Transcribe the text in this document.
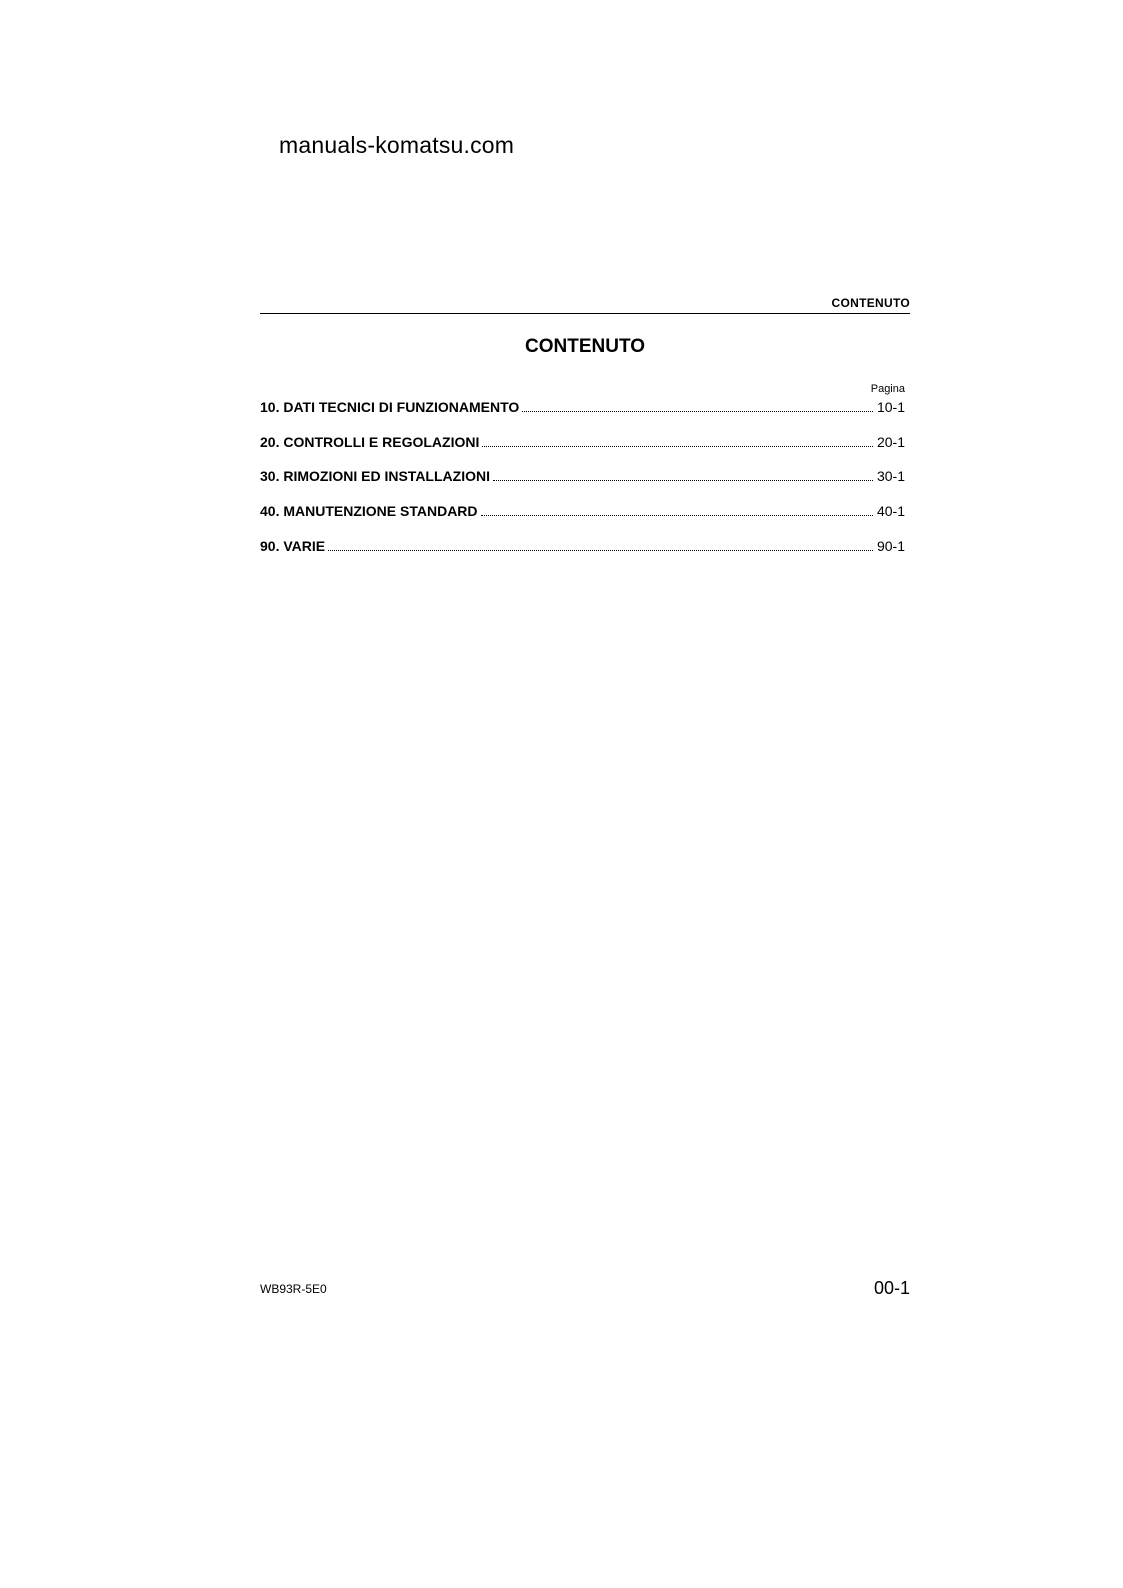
manuals-komatsu.com
CONTENUTO
CONTENUTO
Pagina
10. DATI TECNICI DI FUNZIONAMENTO	10-1
20. CONTROLLI E REGOLAZIONI	20-1
30. RIMOZIONI ED INSTALLAZIONI	30-1
40. MANUTENZIONE STANDARD	40-1
90. VARIE	90-1
WB93R-5E0	00-1
